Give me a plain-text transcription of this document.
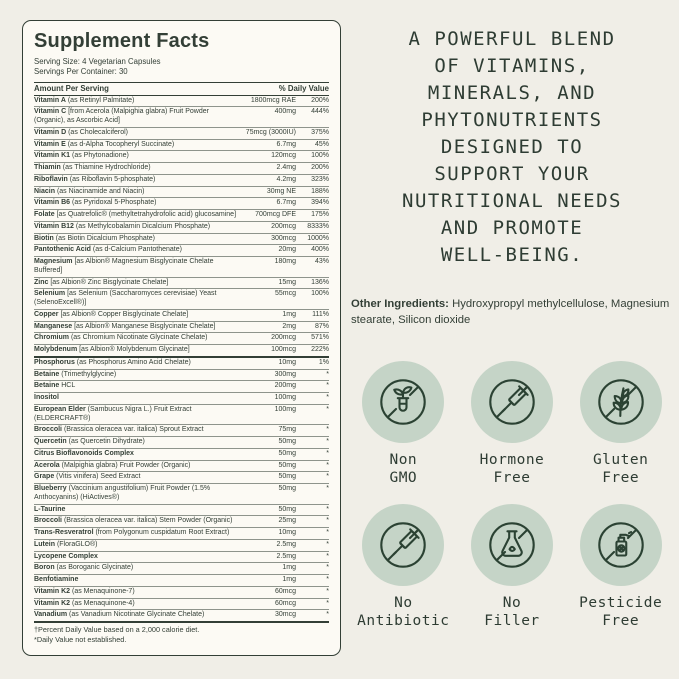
Supplement Facts
Serving Size: 4 Vegetarian Capsules
Servings Per Container: 30
Amount Per Serving	% Daily Value
Vitamin A (as Retinyl Palmitate)	1800mcg RAE	200%
Vitamin C [from Acerola (Malpighia glabra) Fruit Powder (Organic), as Ascorbic Acid]
400mg	444%
Vitamin D (as Cholecalciferol)	75mcg (3000IU)	375%
Vitamin E (as d-Alpha Tocopheryl Succinate)	6.7mg	45%
Vitamin K1 (as Phytonadione)	120mcg	100%
Thiamin (as Thiamine Hydrochloride)	2.4mg	200%
Riboflavin (as Riboflavin 5-phosphate)	4.2mg	323%
Niacin (as Niacinamide and Niacin)	30mg NE	188%
Vitamin B6 (as Pyridoxal 5-Phosphate)	6.7mg	394%
Folate [as Quatrefolic® (methyltetrahydrofolic acid) glucosamine]	700mcg DFE	175%
Vitamin B12 (as Methylcobalamin Dicalcium Phosphate)	200mcg	8333%
Biotin (as Biotin Dicalcium Phosphate)	300mcg	1000%
Pantothenic Acid (as d-Calcium Pantothenate)	20mg	400%
Magnesium [as Albion® Magnesium Bisglycinate Chelate Buffered]
180mg	43%
Zinc [as Albion® Zinc Bisglycinate Chelate]	15mg	136%
Selenium [as Selenium (Saccharomyces cerevisiae) Yeast (SelenoExcell®)]
55mcg	100%
Copper [as Albion® Copper Bisglycinate Chelate]	1mg	111%
Manganese [as Albion® Manganese Bisglycinate Chelate]	2mg	87%
Chromium (as Chromium Nicotinate Glycinate Chelate)	200mcg	571%
Molybdenum [as Albion® Molybdenum Glycinate]	100mcg	222%
Phosphorus (as Phosphorus Amino Acid Chelate)	10mg	1%
Betaine (Trimethylglycine)	300mg	*
Betaine HCL	200mg	*
Inositol	100mg	*
European Elder (Sambucus Nigra L.) Fruit Extract (ELDERCRAFT®)
100mg	*
Broccoli (Brassica oleracea var. italica) Sprout Extract	75mg	*
Quercetin (as Quercetin Dihydrate)	50mg	*
Citrus Bioflavonoids Complex	50mg	*
Acerola (Malpighia glabra) Fruit Powder (Organic)	50mg	*
Grape (Vitis vinifera) Seed Extract	50mg	*
Blueberry (Vaccinium angustifolium) Fruit Powder (1.5% Anthocyanins) (HiActives®)
50mg	*
L-Taurine	50mg	*
Broccoli (Brassica oleracea var. italica) Stem Powder (Organic)	25mg	*
Trans-Resveratrol (from Polygonum cuspidatum Root Extract)	10mg	*
Lutein (FloraGLO®)	2.5mg	*
Lycopene Complex	2.5mg	*
Boron (as Boroganic Glycinate)	1mg	*
Benfotiamine	1mg	*
Vitamin K2 (as Menaquinone-7)	60mcg	*
Vitamin K2 (as Menaquinone-4)	60mcg	*
Vanadium (as Vanadium Nicotinate Glycinate Chelate)	30mcg	*
†Percent Daily Value based on a 2,000 calorie diet.
*Daily Value not established.
A POWERFUL BLEND
OF VITAMINS,
MINERALS, AND
PHYTONUTRIENTS
DESIGNED TO
SUPPORT YOUR
NUTRITIONAL NEEDS
AND PROMOTE
WELL-BEING.

Other Ingredients: Hydroxypropyl methylcellulose, Magnesium stearate, Silicon dioxide

Non
GMO
Hormone
Free
Gluten
Free
No
Antibiotic
No
Filler
Pesticide
Free
